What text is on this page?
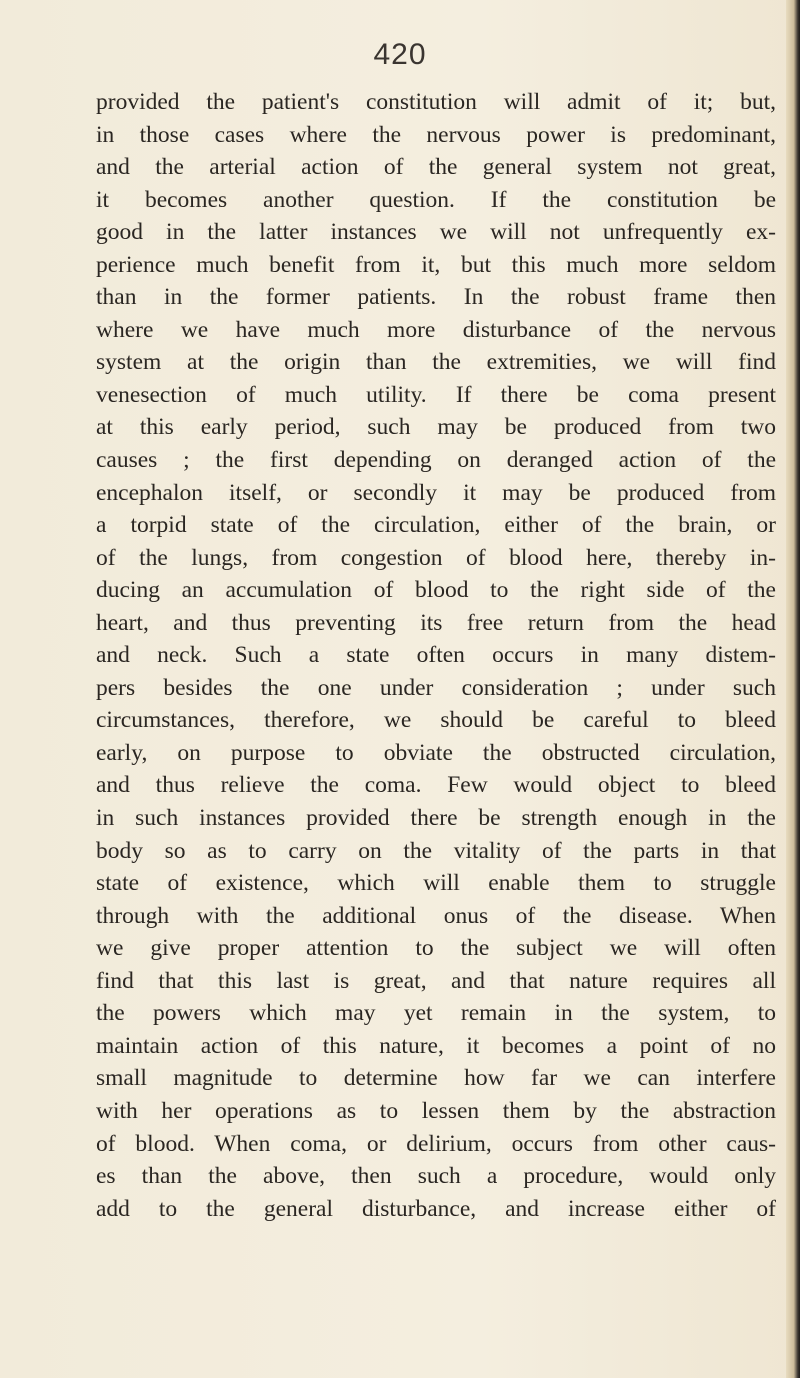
420
provided the patient's constitution will admit of it; but,
in those cases where the nervous power is predominant,
and the arterial action of the general system not great,
it becomes another question. If the constitution be
good in the latter instances we will not unfrequently ex-
perience much benefit from it, but this much more seldom
than in the former patients. In the robust frame then
where we have much more disturbance of the nervous
system at the origin than the extremities, we will find
venesection of much utility. If there be coma present
at this early period, such may be produced from two
causes ; the first depending on deranged action of the
encephalon itself, or secondly it may be produced from
a torpid state of the circulation, either of the brain, or
of the lungs, from congestion of blood here, thereby in-
ducing an accumulation of blood to the right side of the
heart, and thus preventing its free return from the head
and neck. Such a state often occurs in many distem-
pers besides the one under consideration ; under such
circumstances, therefore, we should be careful to bleed
early, on purpose to obviate the obstructed circulation,
and thus relieve the coma. Few would object to bleed
in such instances provided there be strength enough in the
body so as to carry on the vitality of the parts in that
state of existence, which will enable them to struggle
through with the additional onus of the disease. When
we give proper attention to the subject we will often
find that this last is great, and that nature requires all
the powers which may yet remain in the system, to
maintain action of this nature, it becomes a point of no
small magnitude to determine how far we can interfere
with her operations as to lessen them by the abstraction
of blood. When coma, or delirium, occurs from other caus-
es than the above, then such a procedure, would only
add to the general disturbance, and increase either of
